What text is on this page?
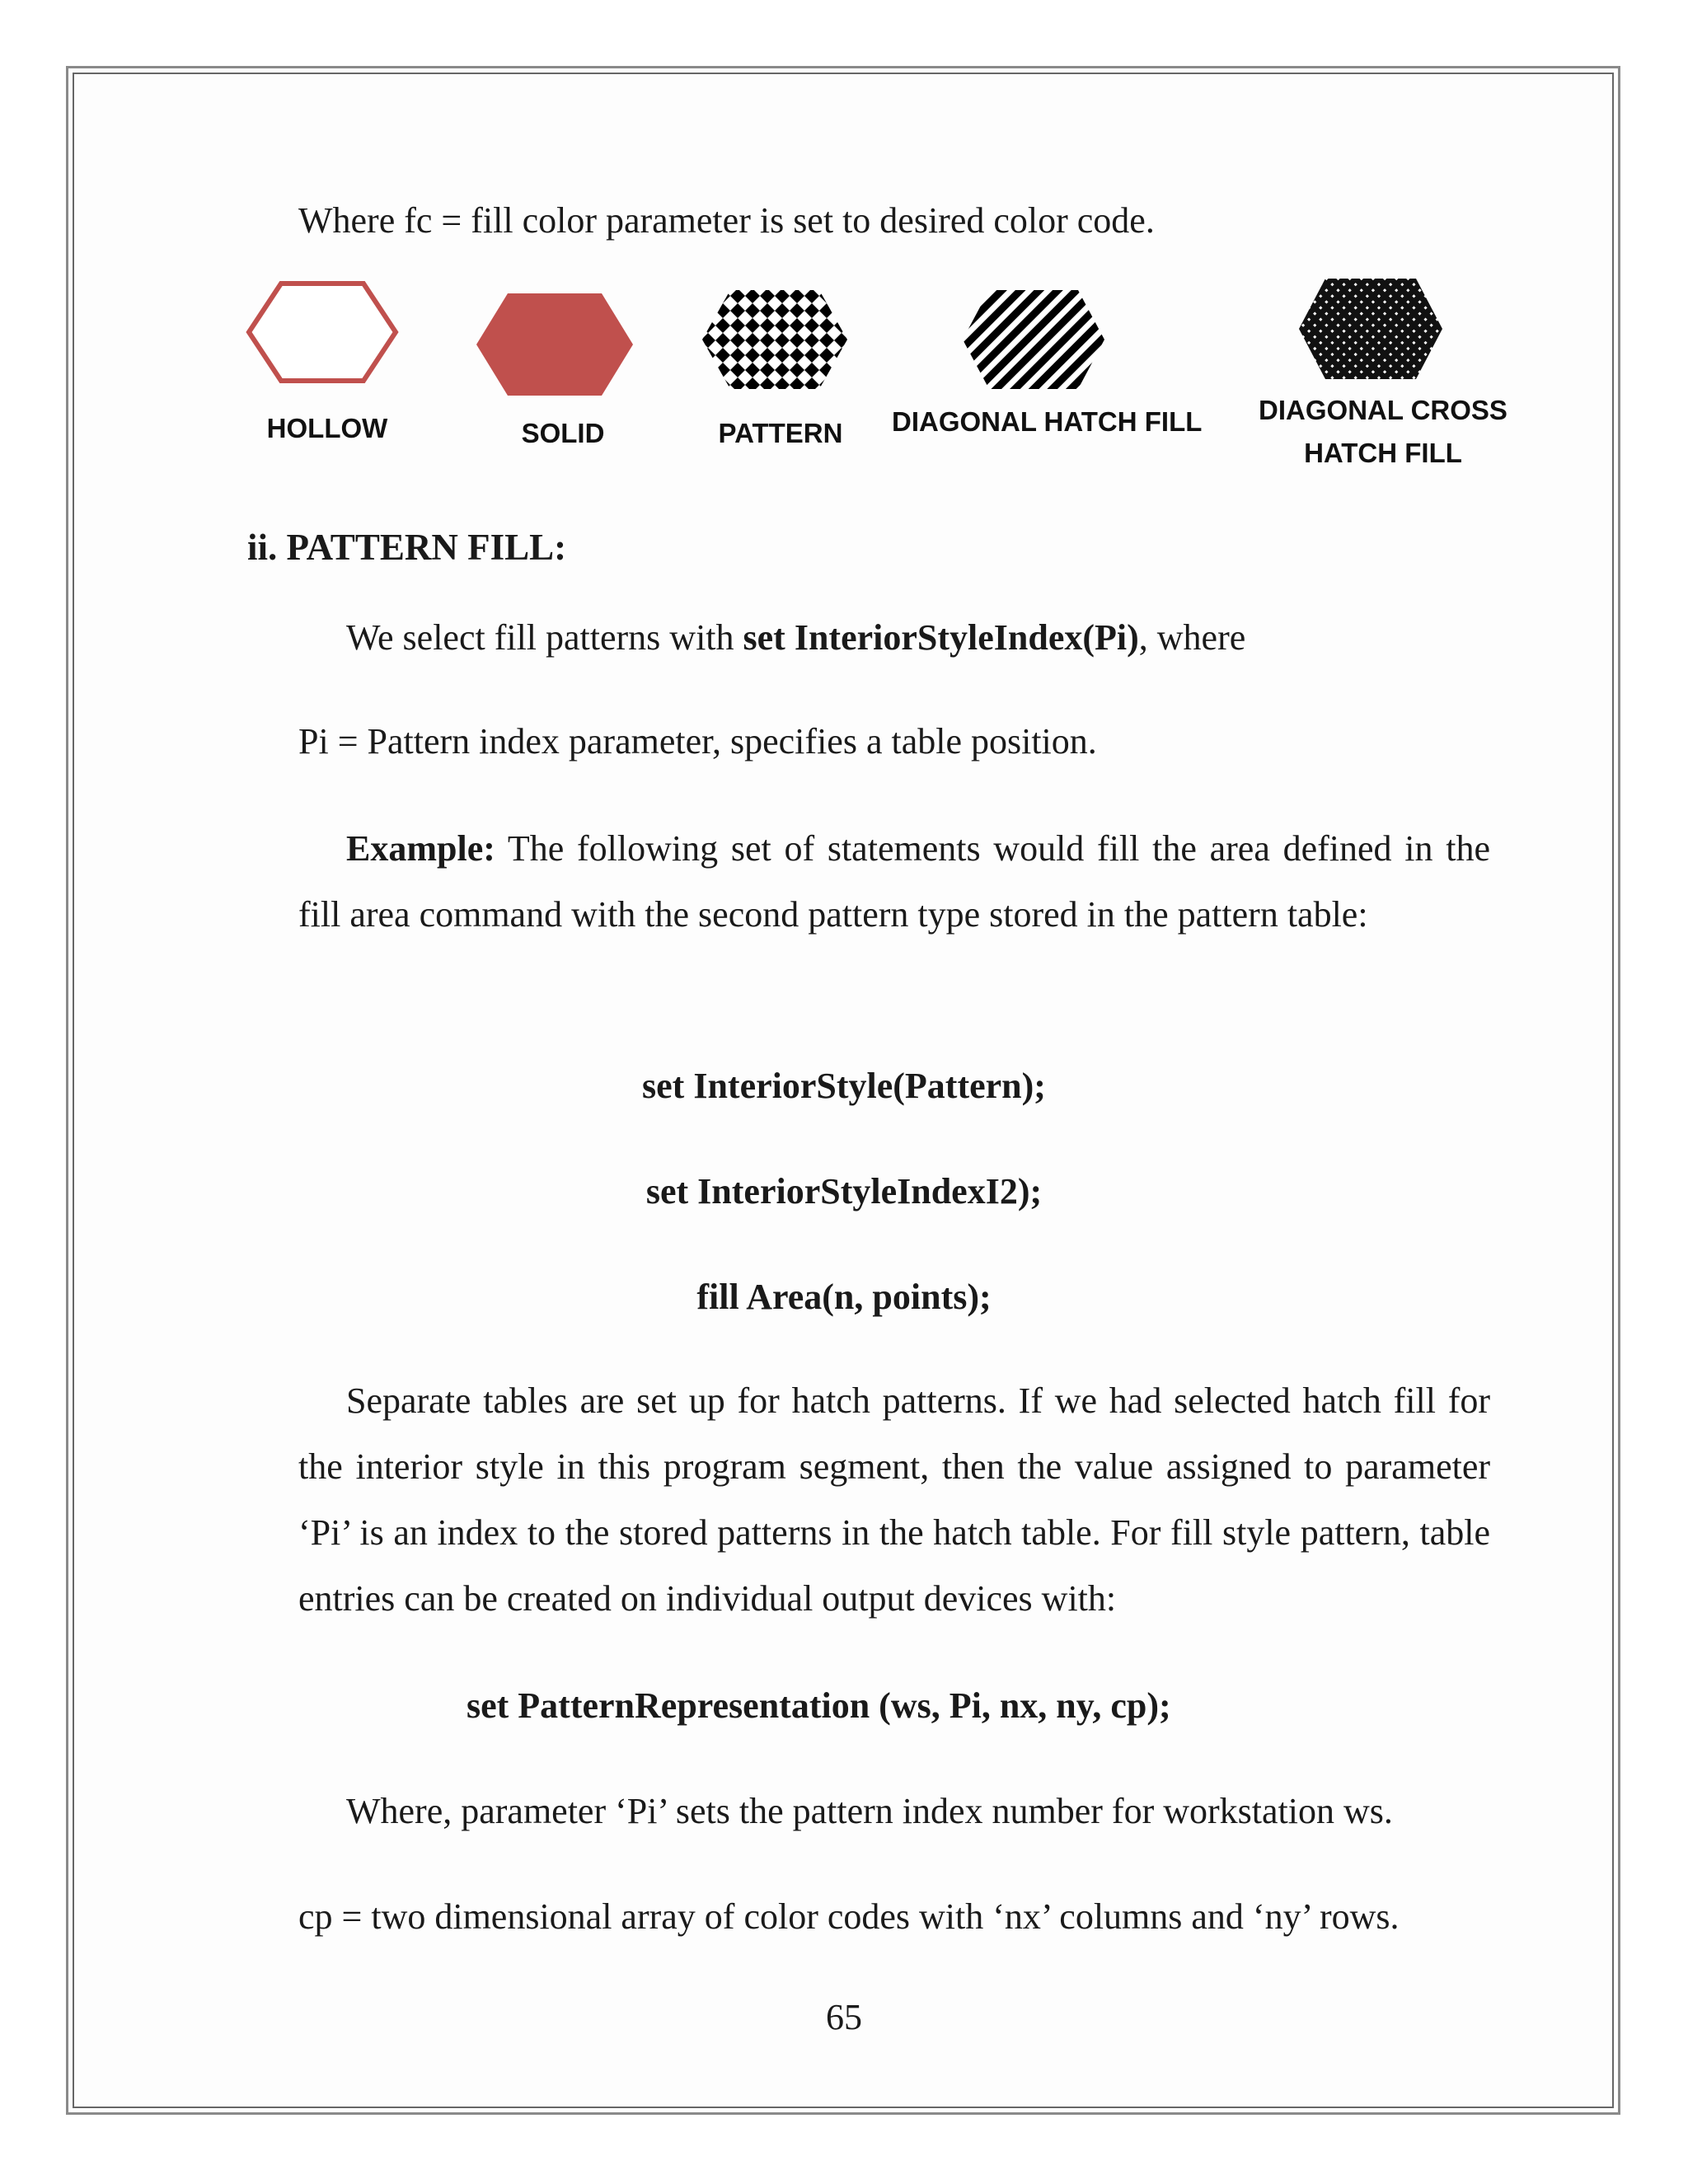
Where fc = fill color parameter is set to desired color code.
HOLLOW	SOLID	PATTERN DIAGONAL HATCH FILL	DIAGONAL CROSS
HATCH FILL
ii. PATTERN FILL:
We select fill patterns with set InteriorStyleIndex(Pi), where
Pi = Pattern index parameter, specifies a table position.
Example: The following set of statements would fill the area defined in the fill area command with the second pattern type stored in the pattern table:
set InteriorStyle(Pattern);
set InteriorStyleIndexI2);
fill Area(n, points);
Separate tables are set up for hatch patterns. If we had selected hatch fill for the interior style in this program segment, then the value assigned to parameter ‘Pi’ is an index to the stored patterns in the hatch table. For fill style pattern, table entries can be created on individual output devices with:
set PatternRepresentation (ws, Pi, nx, ny, cp);
Where, parameter ‘Pi’ sets the pattern index number for workstation ws.
cp = two dimensional array of color codes with ‘nx’ columns and ‘ny’ rows.
65
